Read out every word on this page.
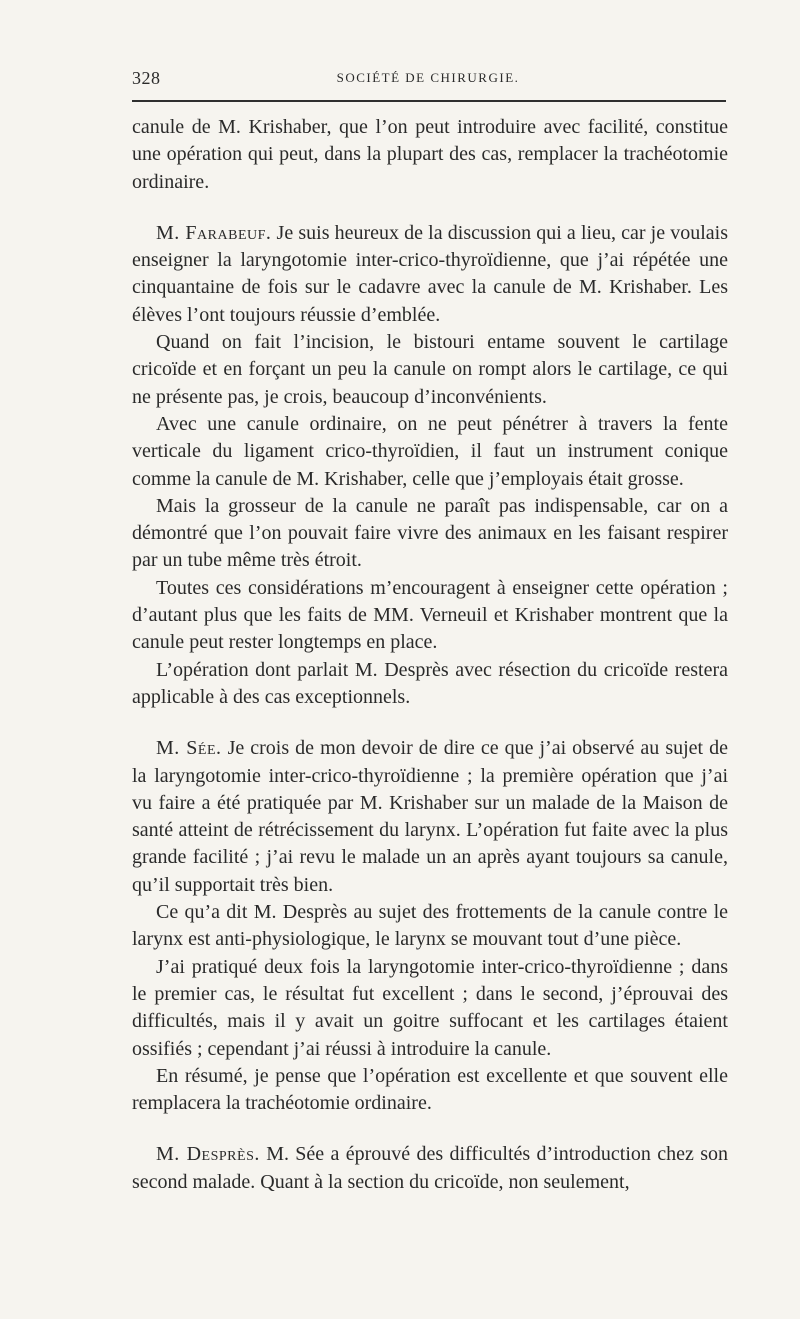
328	SOCIÉTÉ DE CHIRURGIE.

canule de M. Krishaber, que l’on peut introduire avec facilité, constitue une opération qui peut, dans la plupart des cas, remplacer la trachéotomie ordinaire.

M. Farabeuf. Je suis heureux de la discussion qui a lieu, car je voulais enseigner la laryngotomie inter-crico-thyroïdienne, que j’ai répétée une cinquantaine de fois sur le cadavre avec la canule de M. Krishaber. Les élèves l’ont toujours réussie d’emblée.

Quand on fait l’incision, le bistouri entame souvent le cartilage cricoïde et en forçant un peu la canule on rompt alors le cartilage, ce qui ne présente pas, je crois, beaucoup d’inconvénients.

Avec une canule ordinaire, on ne peut pénétrer à travers la fente verticale du ligament crico-thyroïdien, il faut un instrument conique comme la canule de M. Krishaber, celle que j’employais était grosse.

Mais la grosseur de la canule ne paraît pas indispensable, car on a démontré que l’on pouvait faire vivre des animaux en les faisant respirer par un tube même très étroit.

Toutes ces considérations m’encouragent à enseigner cette opération ; d’autant plus que les faits de MM. Verneuil et Krishaber montrent que la canule peut rester longtemps en place.

L’opération dont parlait M. Desprès avec résection du cricoïde restera applicable à des cas exceptionnels.

M. Sée. Je crois de mon devoir de dire ce que j’ai observé au sujet de la laryngotomie inter-crico-thyroïdienne ; la première opération que j’ai vu faire a été pratiquée par M. Krishaber sur un malade de la Maison de santé atteint de rétrécissement du larynx. L’opération fut faite avec la plus grande facilité ; j’ai revu le malade un an après ayant toujours sa canule, qu’il supportait très bien.

Ce qu’a dit M. Desprès au sujet des frottements de la canule contre le larynx est anti-physiologique, le larynx se mouvant tout d’une pièce.

J’ai pratiqué deux fois la laryngotomie inter-crico-thyroïdienne ; dans le premier cas, le résultat fut excellent ; dans le second, j’éprouvai des difficultés, mais il y avait un goitre suffocant et les cartilages étaient ossifiés ; cependant j’ai réussi à introduire la canule.

En résumé, je pense que l’opération est excellente et que souvent elle remplacera la trachéotomie ordinaire.

M. Desprès. M. Sée a éprouvé des difficultés d’introduction chez son second malade. Quant à la section du cricoïde, non seulement,
